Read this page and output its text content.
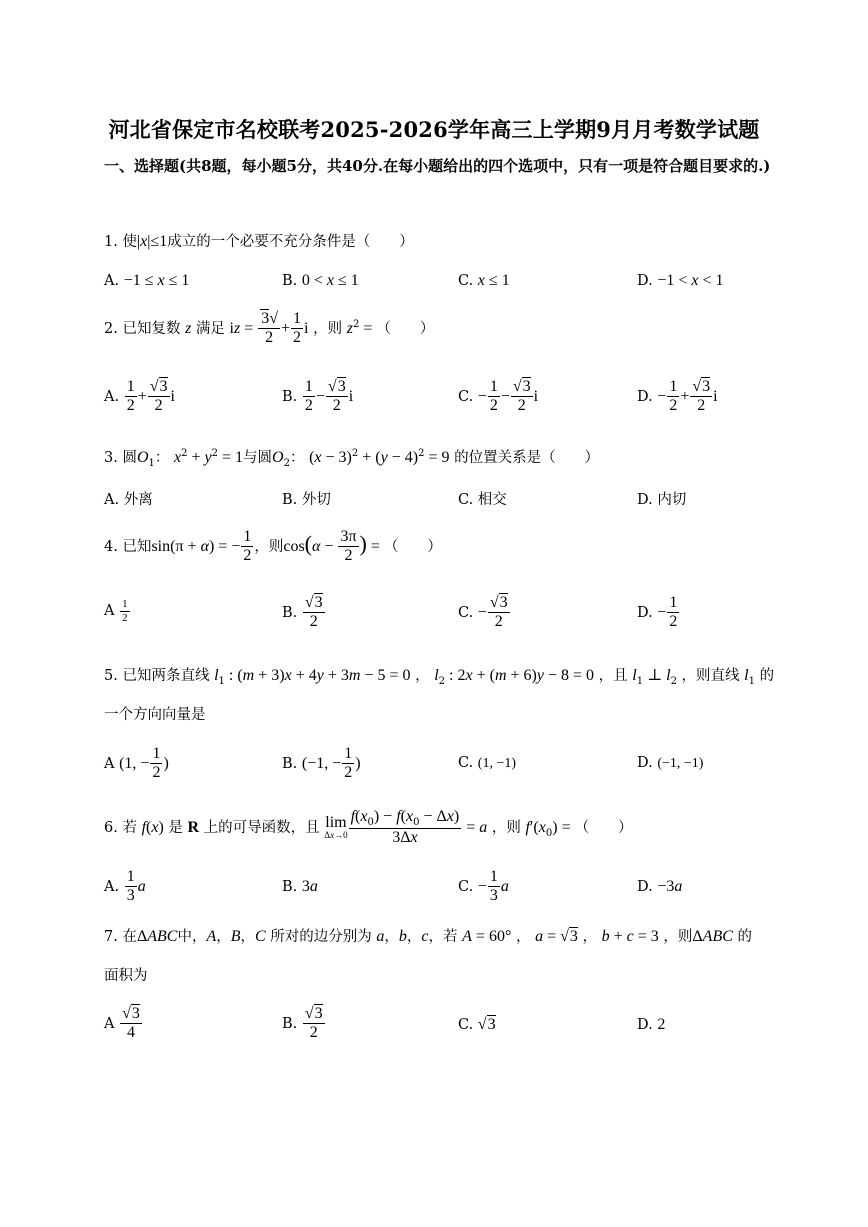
河北省保定市名校联考2025-2026学年高三上学期9月月考数学试题
一、选择题(共8题，每小题5分，共40分.在每小题给出的四个选项中，只有一项是符合题目要求的.)
1. 使|x|≤1成立的一个必要不充分条件是（　　）
A. −1 ≤ x ≤ 1	B. 0 < x ≤ 1	C. x ≤ 1	D. −1 < x < 1
2. 已知复数 z 满足 iz = $\frac{3√}{2} + \frac{1}{2}$ i ，则 $z^2$ = （　　）
A. $\frac{1}{2} + \frac{√3}{2}$ i	B. $\frac{1}{2} - \frac{√3}{2}$ i	C. − $\frac{1}{2} - \frac{√3}{2}$ i	D. − $\frac{1}{2} + \frac{√3}{2}$ i
3. 圆$O_1$： $x^2 + y^2 = 1$与圆$O_2$： $(x - 3)^2 + (y - 4)^2 = 9$ 的位置关系是（　　）
A. 外离	B. 外切	C. 相交	D. 内切
4. 已知sin(π + α) = − $\frac{1}{2}$ ，则$\cos(\alpha - \frac{3\pi}{2}$ ) = （　　）
A $\frac{1}{2}$	B. $\frac{√3}{2}$	C. − $\frac{√3}{2}$	D. − $\frac{1}{2}$
5. 已知两条直线 $l_1$ : (m + 3)x + 4y + 3m − 5 = 0 ， $l_2$ : 2x + (m + 6)y − 8 = 0 ，且 $l_1$ ⊥ $l_2$ ，则直线 $l_1$ 的
一个方向向量是
A (1, − $\frac{1}{2}$ )	B. (−1, − $\frac{1}{2}$ )	C. (1, −1)	D. (−1, −1)
6. 若 f(x) 是 R 上的可导函数，且 lim
$\Delta x\to 0 \frac{f(x_0) - f(x_0 - \Delta x)}{3\Delta x} = a$ ，则 $f'(x_0)$ = （　　）
A. $\frac{1}{3}$ a	B. 3a	C. − $\frac{1}{3}$ a	D. −3a
7. 在ΔABC中，A，B，C 所对的边分别为 a，b，c，若 A = 60° ， a = √3 ， b + c = 3 ，则ΔABC 的
面积为
A $\frac{√3}{4}$	B. $\frac{√3}{2}$	C. √3	D. 2
